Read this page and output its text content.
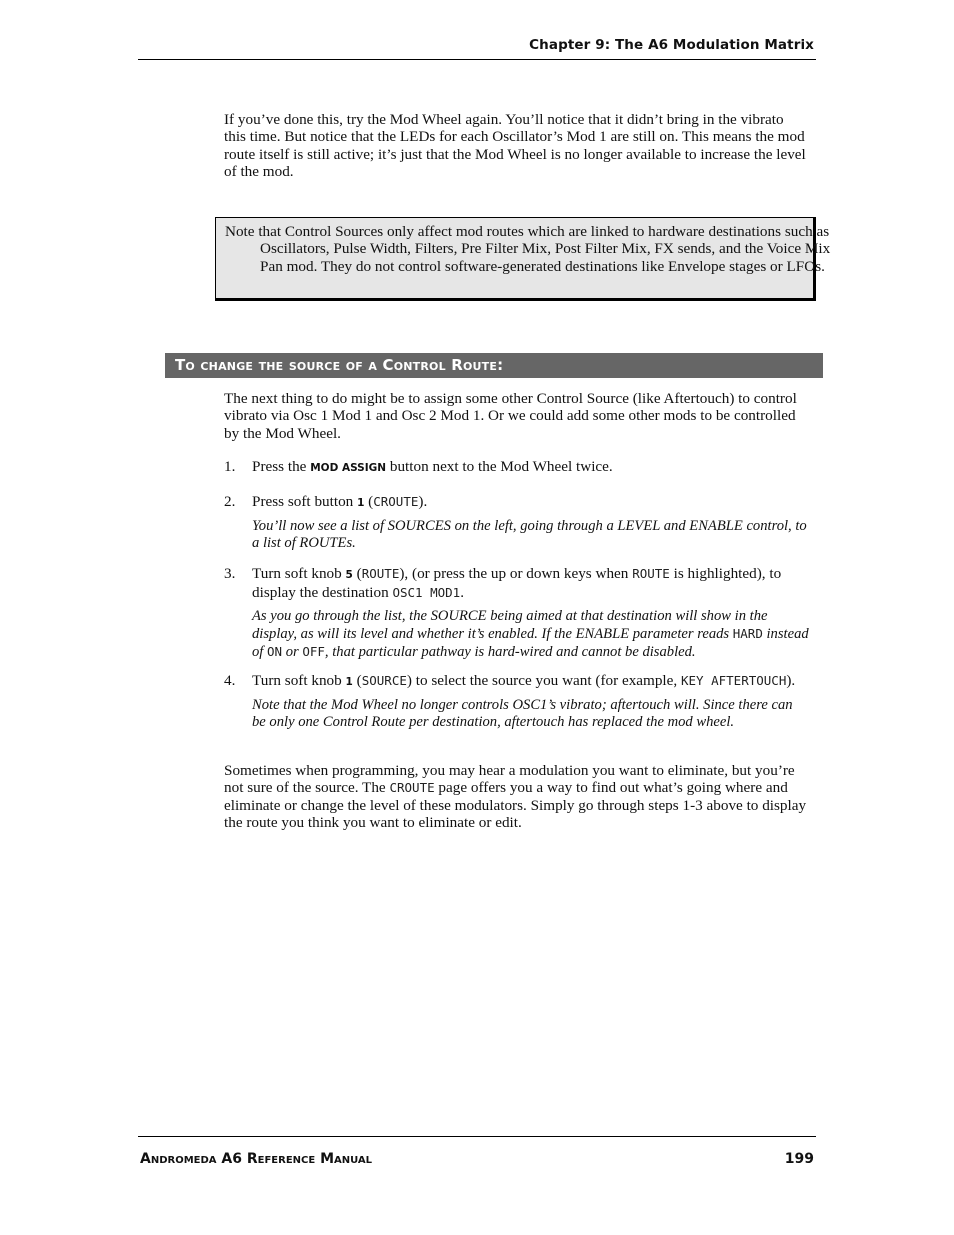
Chapter 9: The A6 Modulation Matrix

If you’ve done this, try the Mod Wheel again. You’ll notice that it didn’t bring in the vibrato this time. But notice that the LEDs for each Oscillator’s Mod 1 are still on. This means the mod route itself is still active; it’s just that the Mod Wheel is no longer available to increase the level of the mod.

Note that Control Sources only affect mod routes which are linked to hardware destinations such as Oscillators, Pulse Width, Filters, Pre Filter Mix, Post Filter Mix, FX sends, and the Voice Mix Pan mod. They do not control software-generated destinations like Envelope stages or LFOs.

To change the source of a Control Route:

The next thing to do might be to assign some other Control Source (like Aftertouch) to control vibrato via Osc 1 Mod 1 and Osc 2 Mod 1. Or we could add some other mods to be controlled by the Mod Wheel.

1. Press the MOD ASSIGN button next to the Mod Wheel twice.
2. Press soft button 1 (CROUTE).
You’ll now see a list of SOURCES on the left, going through a LEVEL and ENABLE control, to a list of ROUTEs.
3. Turn soft knob 5 (ROUTE), (or press the up or down keys when ROUTE is highlighted), to display the destination OSC1 MOD1.
As you go through the list, the SOURCE being aimed at that destination will show in the display, as will its level and whether it’s enabled. If the ENABLE parameter reads HARD instead of ON or OFF, that particular pathway is hard-wired and cannot be disabled.
4. Turn soft knob 1 (SOURCE) to select the source you want (for example, KEY AFTERTOUCH).
Note that the Mod Wheel no longer controls OSC1’s vibrato; aftertouch will. Since there can be only one Control Route per destination, aftertouch has replaced the mod wheel.

Sometimes when programming, you may hear a modulation you want to eliminate, but you’re not sure of the source. The CROUTE page offers you a way to find out what’s going where and eliminate or change the level of these modulators. Simply go through steps 1-3 above to display the route you think you want to eliminate or edit.

Andromeda A6 Reference Manual	199
